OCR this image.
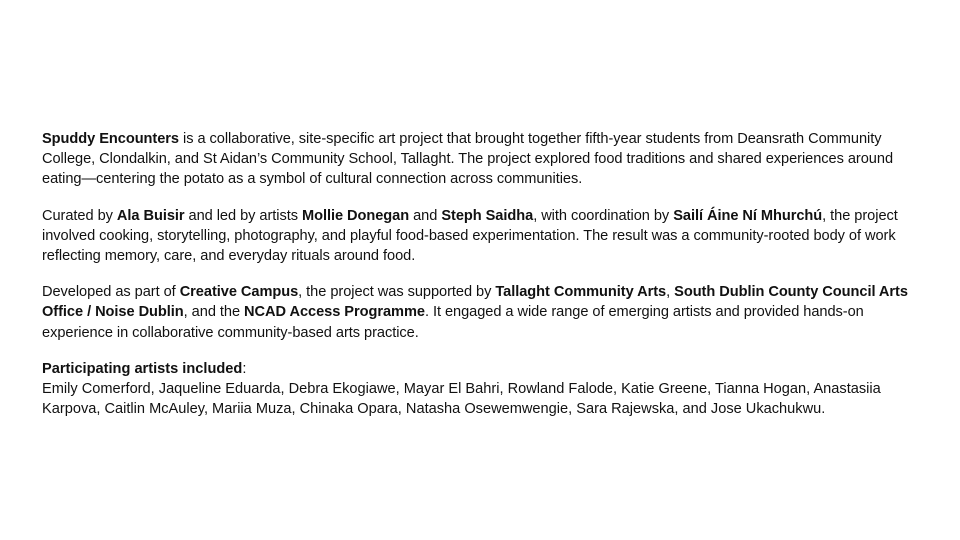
Spuddy Encounters is a collaborative, site-specific art project that brought together fifth-year students from Deansrath Community College, Clondalkin, and St Aidan’s Community School, Tallaght. The project explored food traditions and shared experiences around eating—centering the potato as a symbol of cultural connection across communities.

Curated by Ala Buisir and led by artists Mollie Donegan and Steph Saidha, with coordination by Sailí Áine Ní Mhurchú, the project involved cooking, storytelling, photography, and playful food-based experimentation. The result was a community-rooted body of work reflecting memory, care, and everyday rituals around food.

Developed as part of Creative Campus, the project was supported by Tallaght Community Arts, South Dublin County Council Arts Office / Noise Dublin, and the NCAD Access Programme. It engaged a wide range of emerging artists and provided hands-on experience in collaborative community-based arts practice.

Participating artists included:
Emily Comerford, Jaqueline Eduarda, Debra Ekogiawe, Mayar El Bahri, Rowland Falode, Katie Greene, Tianna Hogan, Anastasiia Karpova, Caitlin McAuley, Mariia Muza, Chinaka Opara, Natasha Osewemwengie, Sara Rajewska, and Jose Ukachukwu.
